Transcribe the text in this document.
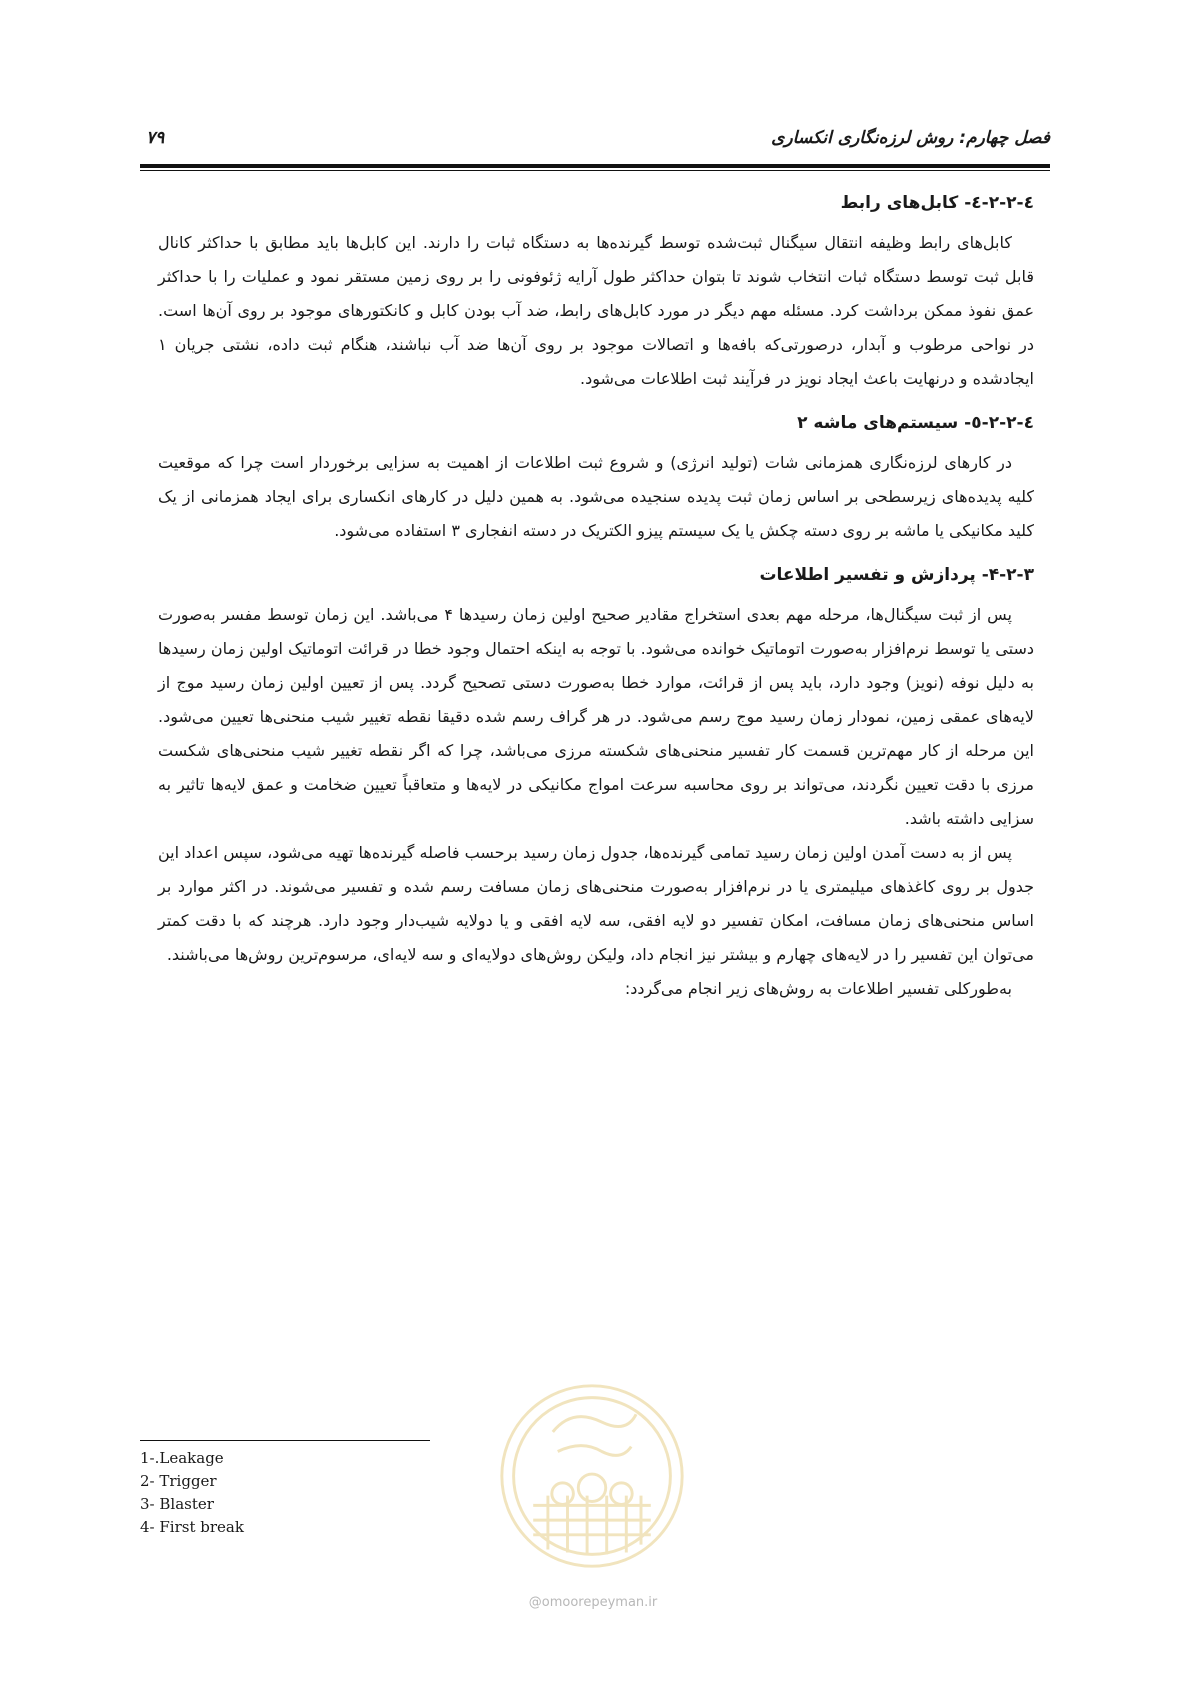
فصل چهارم: روش لرزه‌نگاری انکساری
۷۹
٤-٢-٢-٤- کابل‌های رابط

کابل‌های رابط وظیفه انتقال سیگنال ثبت‌شده توسط گیرنده‌ها به دستگاه ثبات را دارند. این کابل‌ها باید مطابق با حداکثر کانال قابل ثبت توسط دستگاه ثبات انتخاب شوند تا بتوان حداکثر طول آرایه ژئوفونی را بر روی زمین مستقر نمود و عملیات را با حداکثر عمق نفوذ ممکن برداشت کرد. مسئله مهم دیگر در مورد کابل‌های رابط، ضد آب بودن کابل و کانکتورهای موجود بر روی آن‌ها است. در نواحی مرطوب و آبدار، درصورتی‌که بافه‌ها و اتصالات موجود بر روی آن‌ها ضد آب نباشند، هنگام ثبت داده، نشتی جریان ۱ ایجادشده و درنهایت باعث ایجاد نویز در فرآیند ثبت اطلاعات می‌شود.

٤-٢-٢-٥- سیستم‌های ماشه ۲

در کارهای لرزه‌نگاری همزمانی شات (تولید انرژی) و شروع ثبت اطلاعات از اهمیت به سزایی برخوردار است چرا که موقعیت کلیه پدیده‌های زیرسطحی بر اساس زمان ثبت پدیده سنجیده می‌شود. به همین دلیل در کارهای انکساری برای ایجاد همزمانی از یک کلید مکانیکی یا ماشه بر روی دسته چکش یا یک سیستم پیزو الکتریک در دسته انفجاری ۳ استفاده می‌شود.

۴-۲-۳- پردازش و تفسیر اطلاعات

پس از ثبت سیگنال‌ها، مرحله مهم بعدی استخراج مقادیر صحیح اولین زمان رسیدها ۴ می‌باشد. این زمان توسط مفسر به‌صورت دستی یا توسط نرم‌افزار به‌صورت اتوماتیک خوانده می‌شود. با توجه به اینکه احتمال وجود خطا در قرائت اتوماتیک اولین زمان رسیدها به دلیل نوفه (نویز) وجود دارد، باید پس از قرائت، موارد خطا به‌صورت دستی تصحیح گردد. پس از تعیین اولین زمان رسید موج از لایه‌های عمقی زمین، نمودار زمان رسید موج رسم می‌شود. در هر گراف رسم شده دقیقا نقطه تغییر شیب منحنی‌ها تعیین می‌شود. این مرحله از کار مهم‌ترین قسمت کار تفسیر منحنی‌های شکسته مرزی می‌باشد، چرا که اگر نقطه تغییر شیب منحنی‌های شکست مرزی با دقت تعیین نگردند، می‌تواند بر روی محاسبه سرعت امواج مکانیکی در لایه‌ها و متعاقباً تعیین ضخامت و عمق لایه‌ها تاثیر به سزایی داشته باشد.

پس از به دست آمدن اولین زمان رسید تمامی گیرنده‌ها، جدول زمان رسید برحسب فاصله گیرنده‌ها تهیه می‌شود، سپس اعداد این جدول بر روی کاغذهای میلیمتری یا در نرم‌افزار به‌صورت منحنی‌های زمان مسافت رسم شده و تفسیر می‌شوند. در اکثر موارد بر اساس منحنی‌های زمان مسافت، امکان تفسیر دو لایه افقی، سه لایه افقی و یا دولایه شیب‌دار وجود دارد. هرچند که با دقت کمتر می‌توان این تفسیر را در لایه‌های چهارم و بیشتر نیز انجام داد، ولیکن روش‌های دولایه‌ای و سه لایه‌ای، مرسوم‌ترین روش‌ها می‌باشند.

به‌طورکلی تفسیر اطلاعات به روش‌های زیر انجام می‌گردد:

1-.Leakage
2- Trigger
3- Blaster
4- First break
@omoorepeyman.ir
